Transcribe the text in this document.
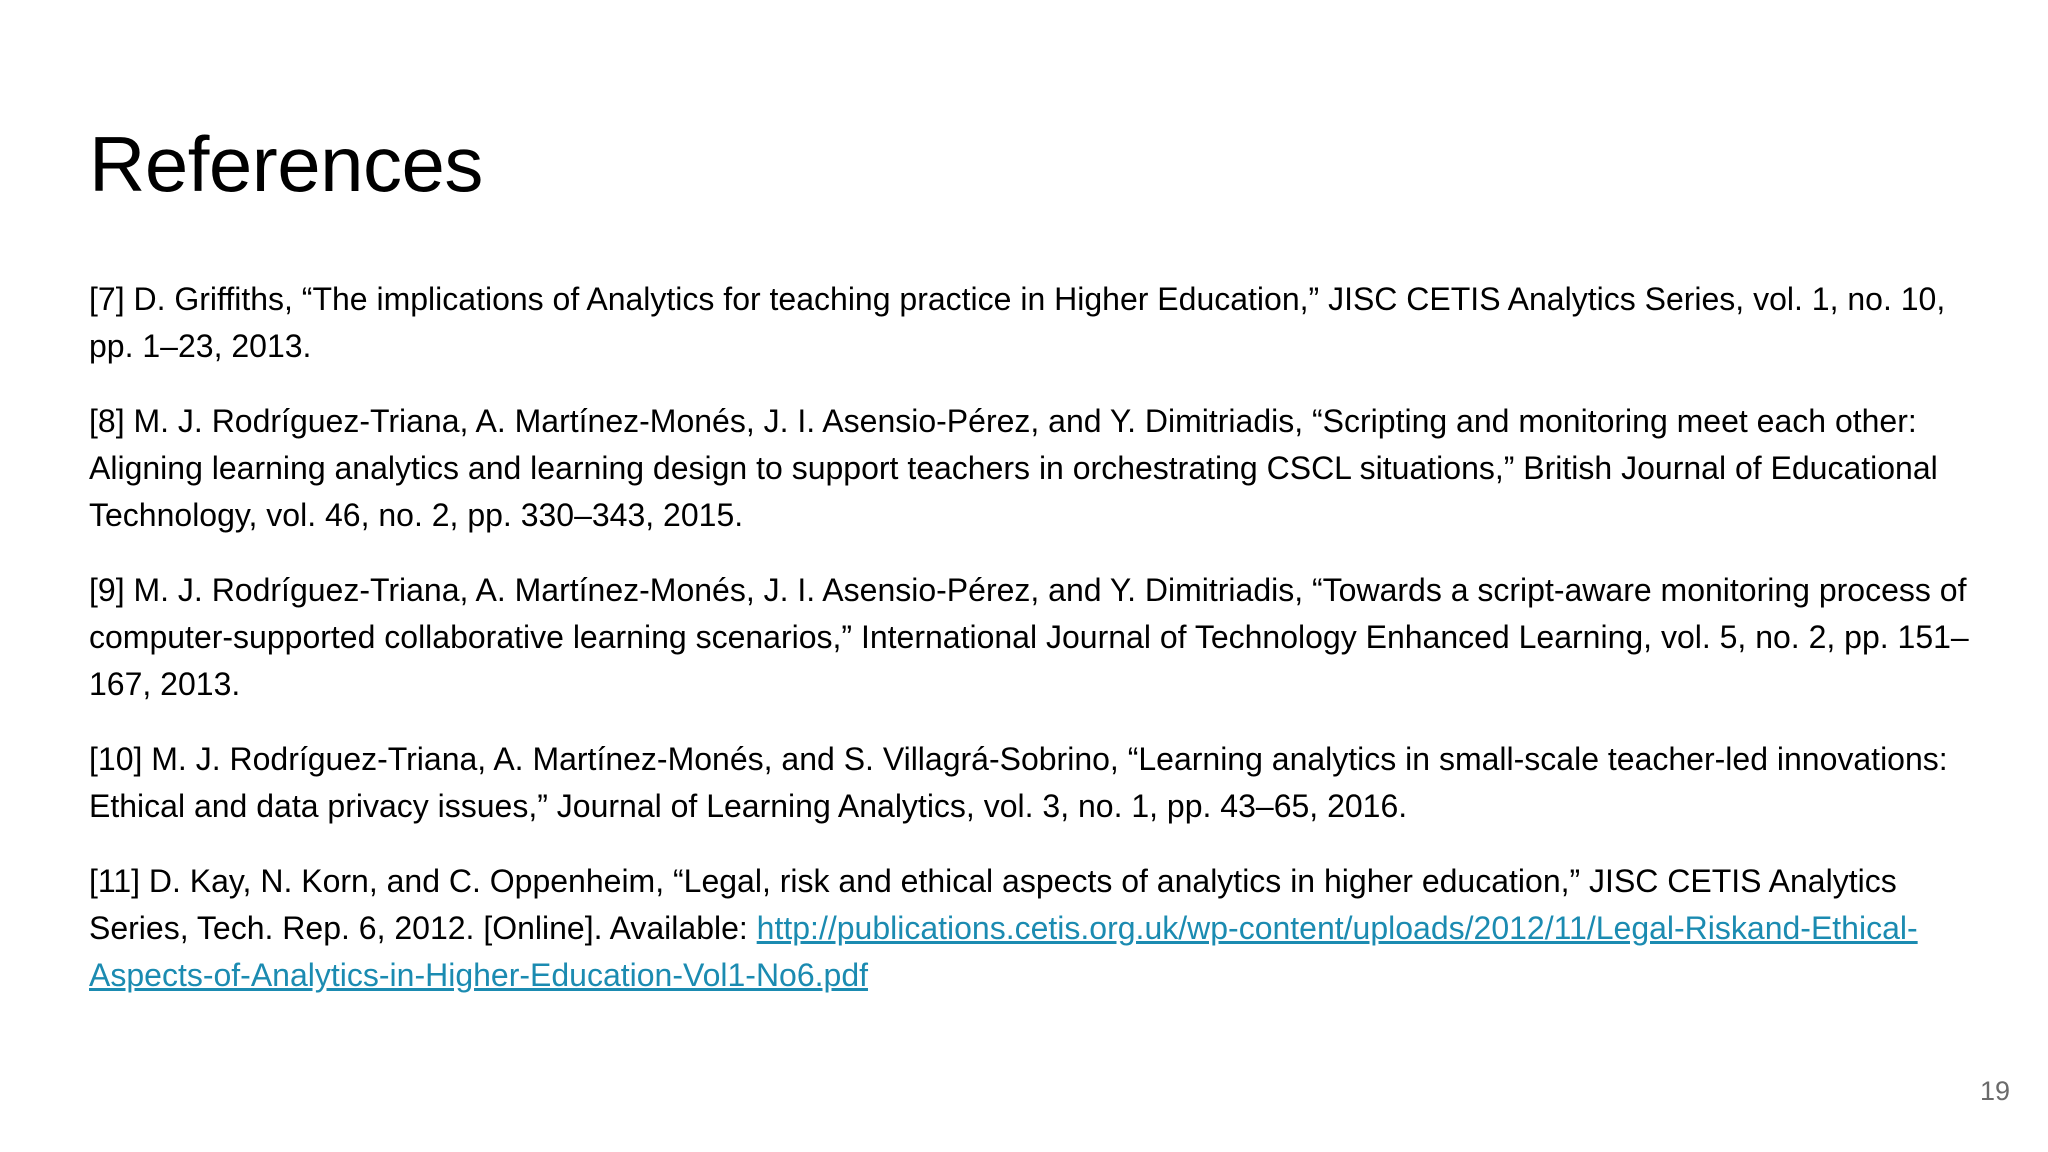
References

[7] D. Griffiths, “The implications of Analytics for teaching practice in Higher Education,” JISC CETIS Analytics Series, vol. 1, no. 10, pp. 1–23, 2013.

[8] M. J. Rodríguez-Triana, A. Martínez-Monés, J. I. Asensio-Pérez, and Y. Dimitriadis, “Scripting and monitoring meet each other: Aligning learning analytics and learning design to support teachers in orchestrating CSCL situations,” British Journal of Educational Technology, vol. 46, no. 2, pp. 330–343, 2015.

[9] M. J. Rodríguez-Triana, A. Martínez-Monés, J. I. Asensio-Pérez, and Y. Dimitriadis, “Towards a script-aware monitoring process of computer-supported collaborative learning scenarios,” International Journal of Technology Enhanced Learning, vol. 5, no. 2, pp. 151–167, 2013.

[10] M. J. Rodríguez-Triana, A. Martínez-Monés, and S. Villagrá-Sobrino, “Learning analytics in small-scale teacher-led innovations: Ethical and data privacy issues,” Journal of Learning Analytics, vol. 3, no. 1, pp. 43–65, 2016.

[11] D. Kay, N. Korn, and C. Oppenheim, “Legal, risk and ethical aspects of analytics in higher education,” JISC CETIS Analytics Series, Tech. Rep. 6, 2012. [Online]. Available: http://publications.cetis.org.uk/wp-content/uploads/2012/11/Legal-Riskand-Ethical-Aspects-of-Analytics-in-Higher-Education-Vol1-No6.pdf

19
